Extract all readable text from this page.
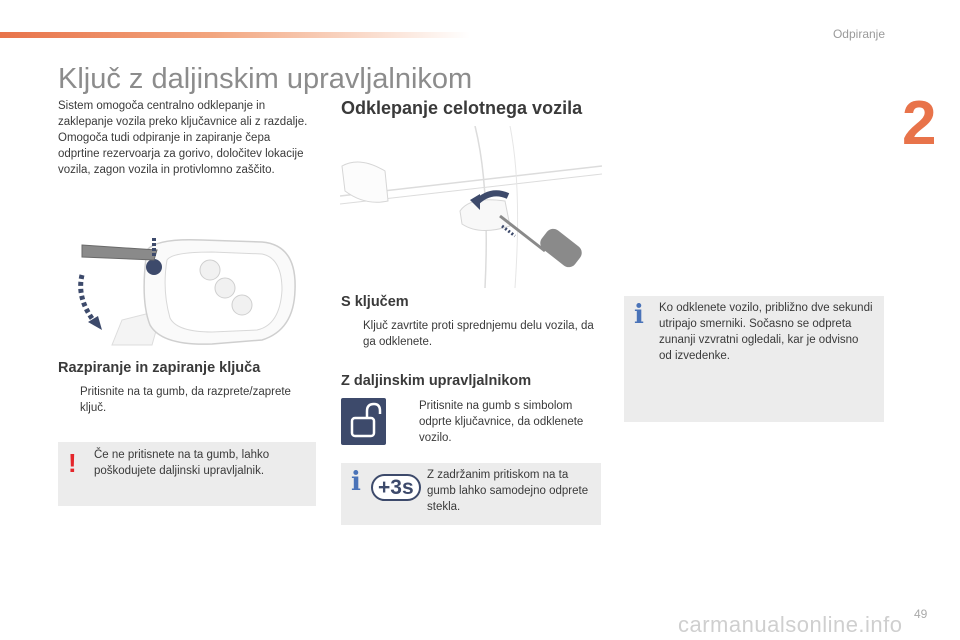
Odpiranje
2
Ključ z daljinskim upravljalnikom

Sistem omogoča centralno odklepanje in zaklepanje vozila preko ključavnice ali z razdalje.

Omogoča tudi odpiranje in zapiranje čepa odprtine rezervoarja za gorivo, določitev lokacije vozila, zagon vozila in protivlomno zaščito.

Razpiranje in zapiranje ključa
Pritisnite na ta gumb, da razprete/zaprete ključ.
! Če ne pritisnete na ta gumb, lahko poškodujete daljinski upravljalnik.
Odklepanje celotnega vozila
S ključem
Ključ zavrtite proti sprednjemu delu vozila, da ga odklenete.
Z daljinskim upravljalnikom
Pritisnite na gumb s simbolom odprte ključavnice, da odklenete vozilo.
i +3s
Z zadržanim pritiskom na ta gumb lahko samodejno odprete stekla.
i Ko odklenete vozilo, približno dve sekundi utripajo smerniki. Sočasno se odpreta zunanji vzvratni ogledali, kar je odvisno od izvedenke.
49
carmanualsonline.info
